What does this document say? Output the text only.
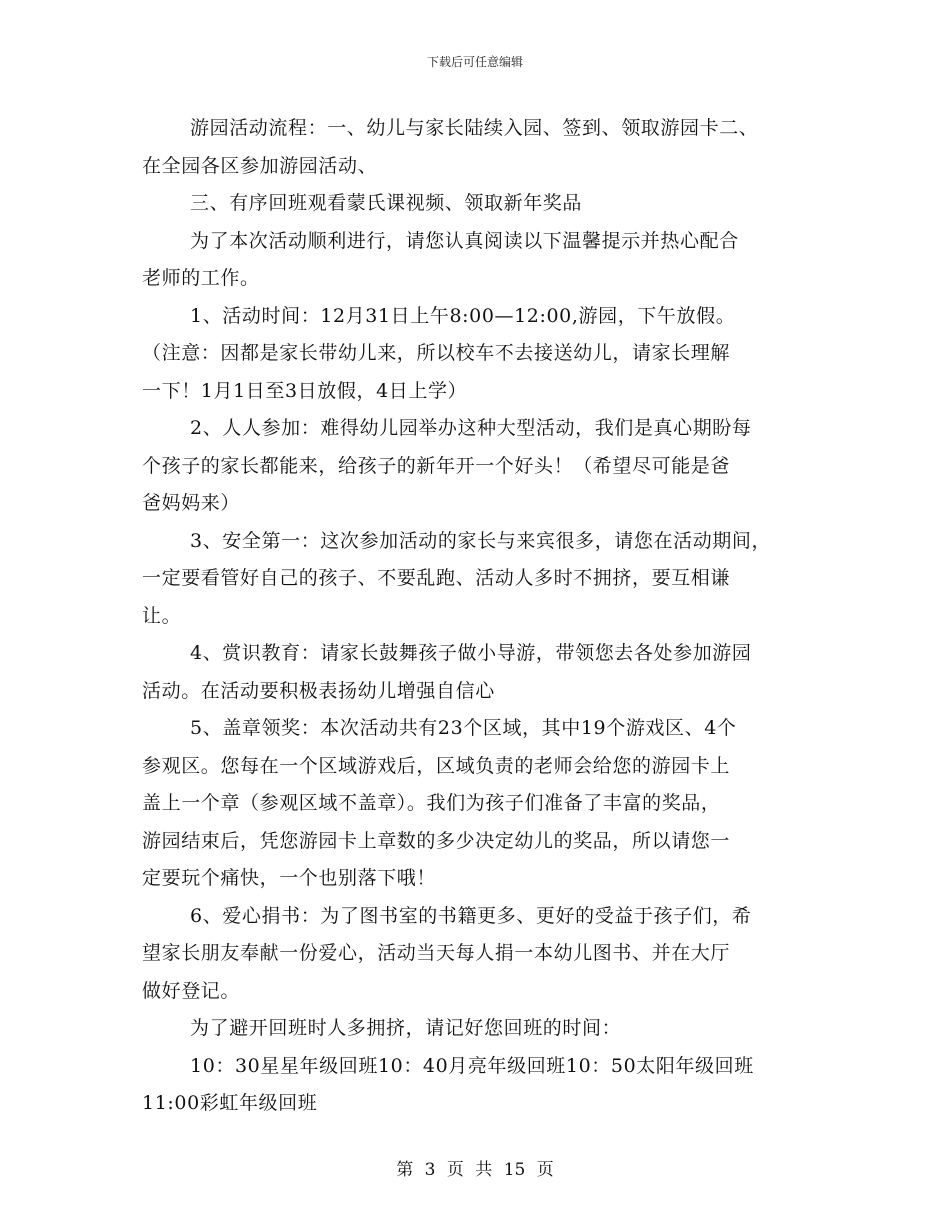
下载后可任意编辑
游园活动流程：一、幼儿与家长陆续入园、签到、领取游园卡二、
在全园各区参加游园活动、
三、有序回班观看蒙氏课视频、领取新年奖品
为了本次活动顺利进行，请您认真阅读以下温馨提示并热心配合
老师的工作。
1、活动时间：12月31日上午8:00—12:00,游园，下午放假。
（注意：因都是家长带幼儿来，所以校车不去接送幼儿，请家长理解
一下！1月1日至3日放假，4日上学）
2、人人参加：难得幼儿园举办这种大型活动，我们是真心期盼每
个孩子的家长都能来，给孩子的新年开一个好头！（希望尽可能是爸
爸妈妈来）
3、安全第一：这次参加活动的家长与来宾很多，请您在活动期间，
一定要看管好自己的孩子、不要乱跑、活动人多时不拥挤，要互相谦
让。
4、赏识教育：请家长鼓舞孩子做小导游，带领您去各处参加游园
活动。在活动要积极表扬幼儿增强自信心
5、盖章领奖：本次活动共有23个区域，其中19个游戏区、4个
参观区。您每在一个区域游戏后，区域负责的老师会给您的游园卡上
盖上一个章（参观区域不盖章）。我们为孩子们准备了丰富的奖品，
游园结束后，凭您游园卡上章数的多少决定幼儿的奖品，所以请您一
定要玩个痛快，一个也别落下哦！
6、爱心捐书：为了图书室的书籍更多、更好的受益于孩子们，希
望家长朋友奉献一份爱心，活动当天每人捐一本幼儿图书、并在大厅
做好登记。
为了避开回班时人多拥挤，请记好您回班的时间：
10：30星星年级回班10：40月亮年级回班10：50太阳年级回班
11:00彩虹年级回班
第 3 页 共 15 页
